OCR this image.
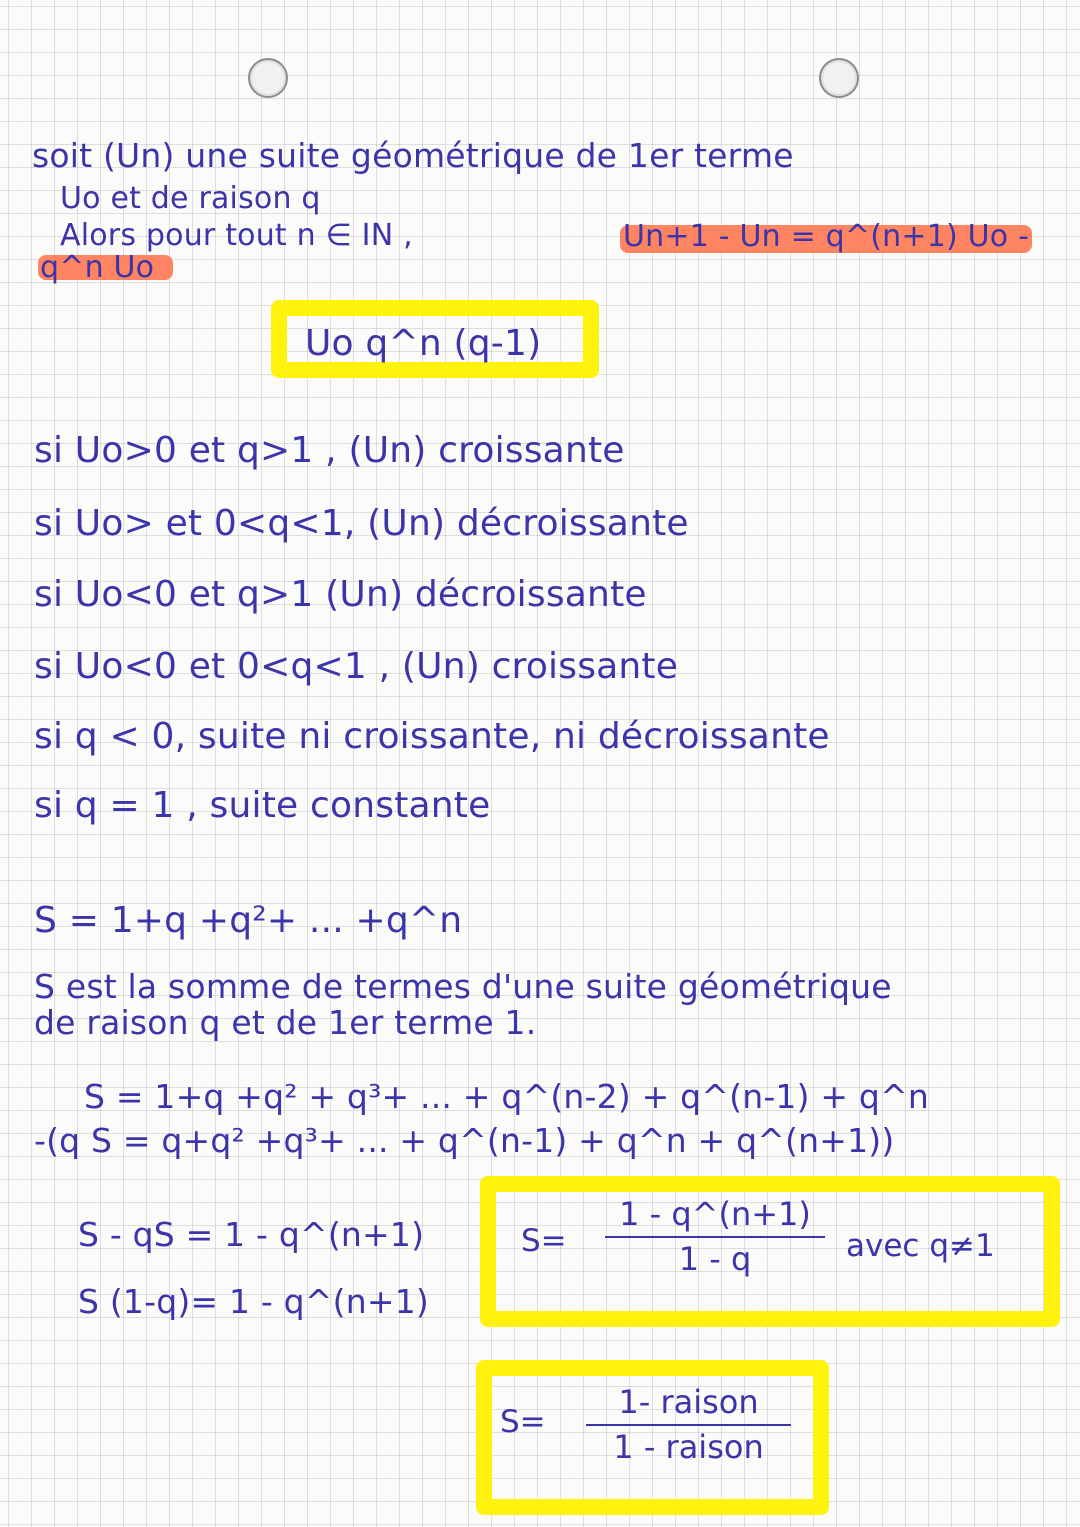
soit (Un) une suite géométrique de 1er terme
Uo et de raison q
Alors pour tout n ∈ IN ,	Un+1 - Un = q^(n+1) Uo -
q^n Uo
Uo q^n (q-1)
si Uo>0 et q>1 , (Un) croissante
si Uo> et 0<q<1, (Un) décroissante
si Uo<0 et q>1 (Un) décroissante
si Uo<0 et 0<q<1 , (Un) croissante
si q < 0, suite ni croissante, ni décroissante
si q = 1 , suite constante
S = 1+q +q²+ ... +q^n
S est la somme de termes d'une suite géométrique
de raison q et de 1er terme 1.
S = 1+q +q² + q³+ ... + q^(n-2) + q^(n-1) + q^n
-(q S = q+q² +q³+ ... + q^(n-1) + q^n + q^(n+1))
S - qS = 1 - q^(n+1)
S (1-q)= 1 - q^(n+1)
S=
1 - q^(n+1)
1 - q	avec q≠1
S=
1- raison
1 - raison
